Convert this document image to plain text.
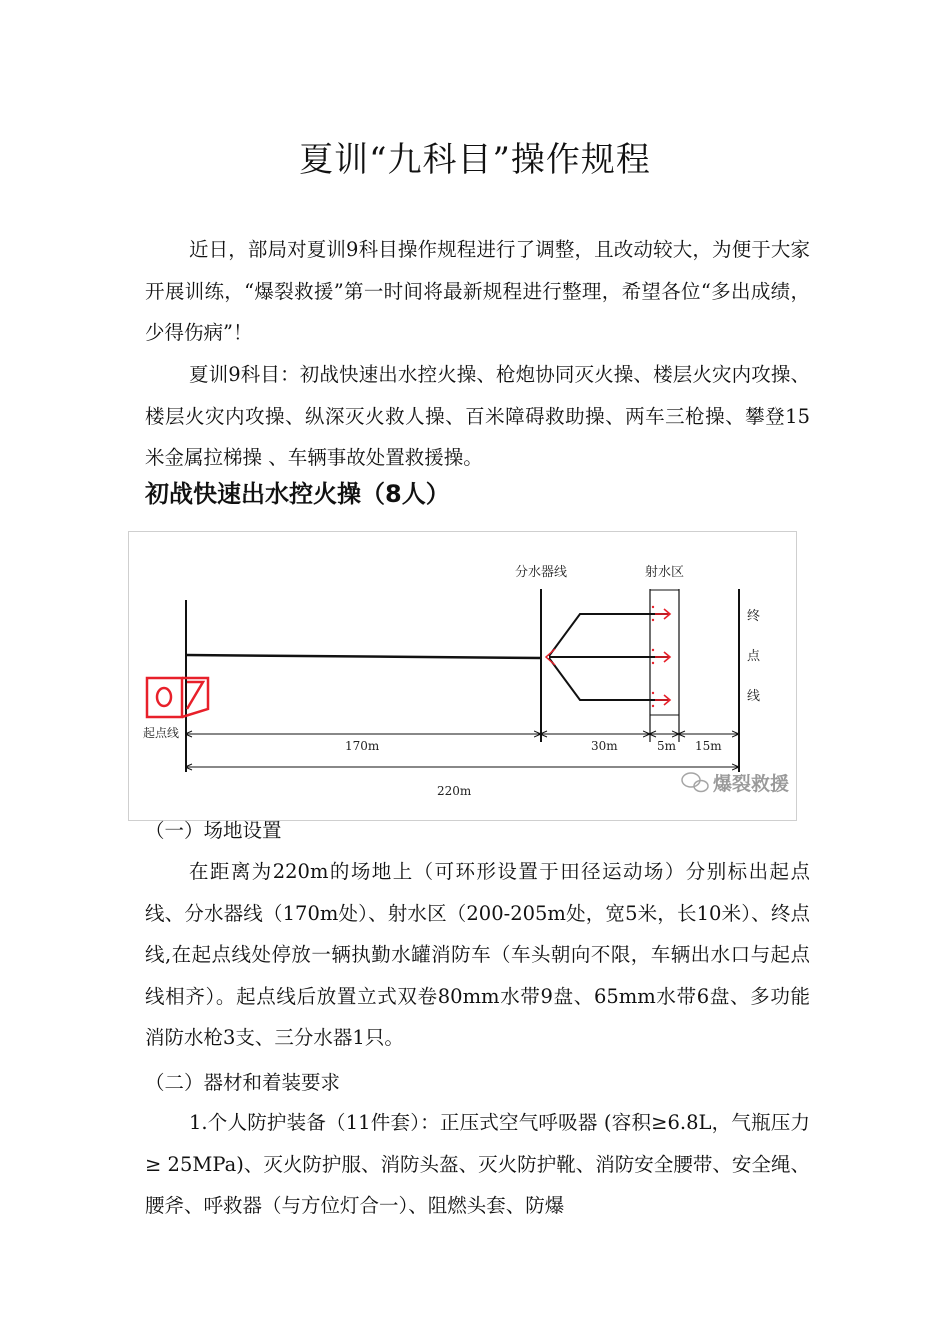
夏训“九科目”操作规程

近日，部局对夏训9科目操作规程进行了调整，且改动较大，为便于大家开展训练，“爆裂救援”第一时间将最新规程进行整理，希望各位“多出成绩，少得伤病”！

夏训9科目：初战快速出水控火操、枪炮协同灭火操、楼层火灾内攻操、楼层火灾内攻操、纵深灭火救人操、百米障碍救助操、两车三枪操、攀登15米金属拉梯操 、车辆事故处置救援操。

初战快速出水控火操（8人）
分水器线	射水区
终
点
线
起点线
170m	30m	5m 15m
220m	爆裂救援
（一）场地设置

在距离为220m的场地上（可环形设置于田径运动场）分别标出起点线、分水器线（170m处）、射水区（200-205m处，宽5米，长10米）、终点线,在起点线处停放一辆执勤水罐消防车（车头朝向不限，车辆出水口与起点线相齐）。起点线后放置立式双卷80mm水带9盘、65mm水带6盘、多功能消防水枪3支、三分水器1只。

（二）器材和着装要求

1.个人防护装备（11件套）：正压式空气呼吸器 (容积≥6.8L，气瓶压力≥ 25MPa)、灭火防护服、消防头盔、灭火防护靴、消防安全腰带、安全绳、腰斧、呼救器（与方位灯合一）、阻燃头套、防爆
